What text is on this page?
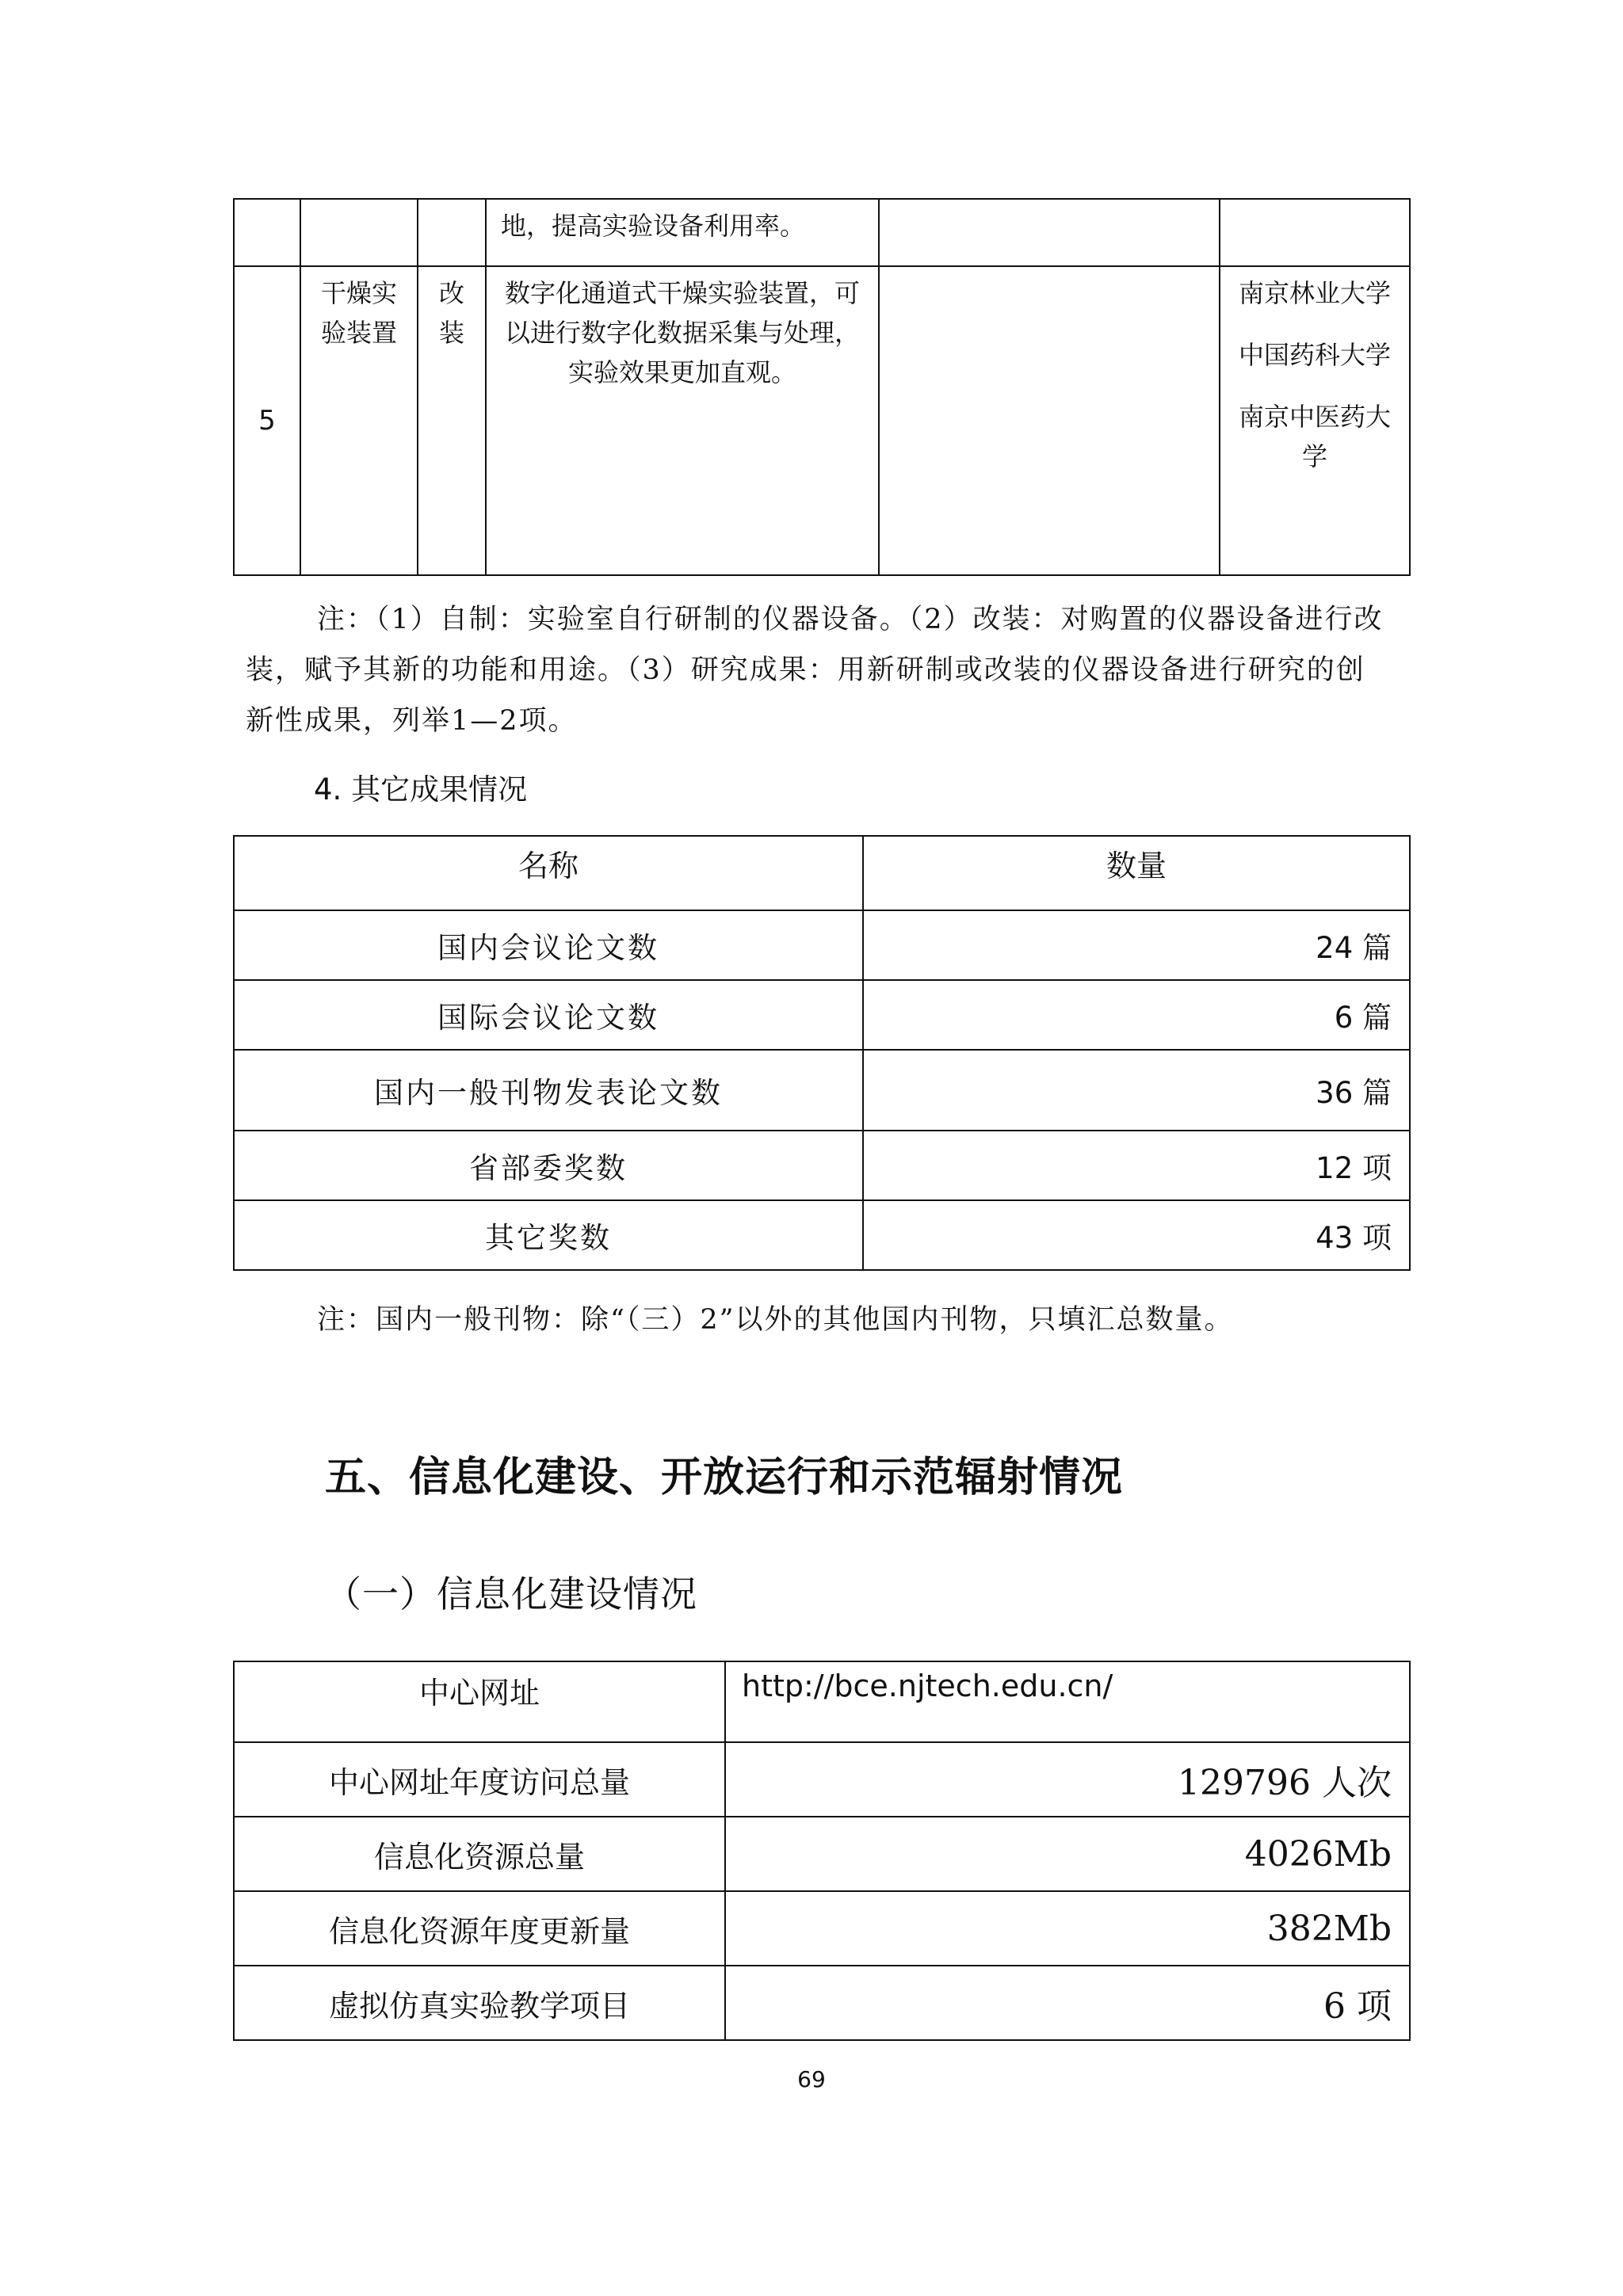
			地，提高实验设备利用率。		
5	干燥实验装置	改装	数字化通道式干燥实验装置，可以进行数字化数据采集与处理，实验效果更加直观。		南京林业大学
中国药科大学
南京中医药大学
注：（1）自制：实验室自行研制的仪器设备。（2）改装：对购置的仪器设备进行改装，赋予其新的功能和用途。（3）研究成果：用新研制或改装的仪器设备进行研究的创新性成果，列举1—2项。
4. 其它成果情况
名称	数量
国内会议论文数	24 篇
国际会议论文数	6 篇
国内一般刊物发表论文数	36 篇
省部委奖数	12 项
其它奖数	43 项
注：国内一般刊物：除“（三）2”以外的其他国内刊物，只填汇总数量。
五、信息化建设、开放运行和示范辐射情况
（一）信息化建设情况
中心网址	http://bce.njtech.edu.cn/
中心网址年度访问总量	129796 人次
信息化资源总量	4026Mb
信息化资源年度更新量	382Mb
虚拟仿真实验教学项目	6 项
69
